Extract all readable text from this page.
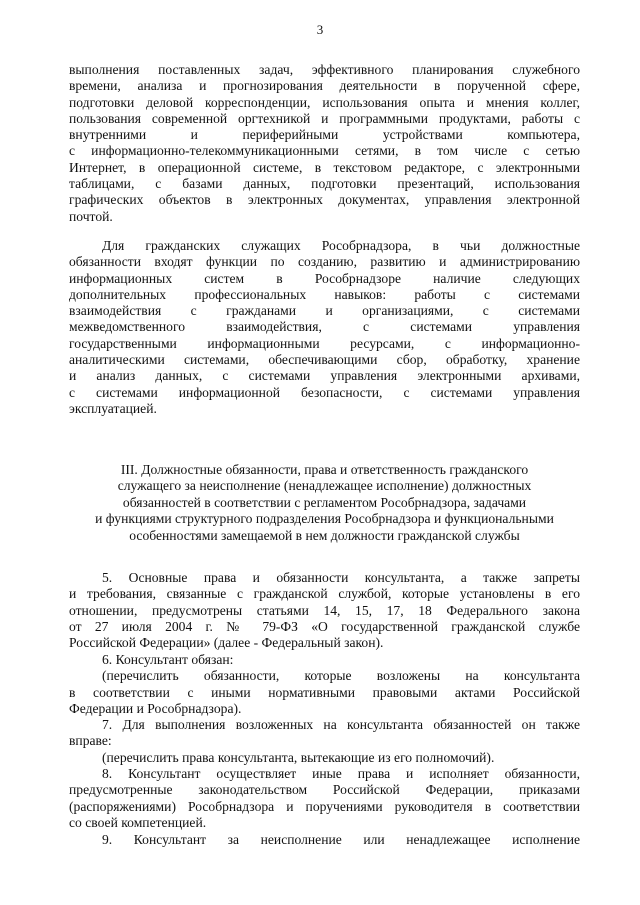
3
выполнения поставленных задач, эффективного планирования служебного
времени, анализа и прогнозирования деятельности в порученной сфере,
подготовки деловой корреспонденции, использования опыта и мнения коллег,
пользования современной оргтехникой и программными продуктами, работы с
внутренними и периферийными устройствами компьютера,
с информационно-телекоммуникационными сетями, в том числе с сетью
Интернет, в операционной системе, в текстовом редакторе, с электронными
таблицами, с базами данных, подготовки презентаций, использования
графических объектов в электронных документах, управления электронной
почтой.
Для гражданских служащих Рособрнадзора, в чьи должностные
обязанности входят функции по созданию, развитию и администрированию
информационных систем в Рособрнадзоре наличие следующих
дополнительных профессиональных навыков: работы с системами
взаимодействия с гражданами и организациями, с системами
межведомственного взаимодействия, с системами управления
государственными информационными ресурсами, с информационно-
аналитическими системами, обеспечивающими сбор, обработку, хранение
и анализ данных, с системами управления электронными архивами,
с системами информационной безопасности, с системами управления
эксплуатацией.
III. Должностные обязанности, права и ответственность гражданского
служащего за неисполнение (ненадлежащее исполнение) должностных
обязанностей в соответствии с регламентом Рособрнадзора, задачами
и функциями структурного подразделения Рособрнадзора и функциональными
особенностями замещаемой в нем должности гражданской службы
5. Основные права и обязанности консультанта, а также запреты
и требования, связанные с гражданской службой, которые установлены в его
отношении, предусмотрены статьями 14, 15, 17, 18 Федерального закона
от 27 июля 2004 г. № 79-ФЗ «О государственной гражданской службе
Российской Федерации» (далее - Федеральный закон).
6. Консультант обязан:
(перечислить обязанности, которые возложены на консультанта
в соответствии с иными нормативными правовыми актами Российской
Федерации и Рособрнадзора).
7. Для выполнения возложенных на консультанта обязанностей он также
вправе:
(перечислить права консультанта, вытекающие из его полномочий).
8. Консультант осуществляет иные права и исполняет обязанности,
предусмотренные законодательством Российской Федерации, приказами
(распоряжениями) Рособрнадзора и поручениями руководителя в соответствии
со своей компетенцией.
9. Консультант за неисполнение или ненадлежащее исполнение
